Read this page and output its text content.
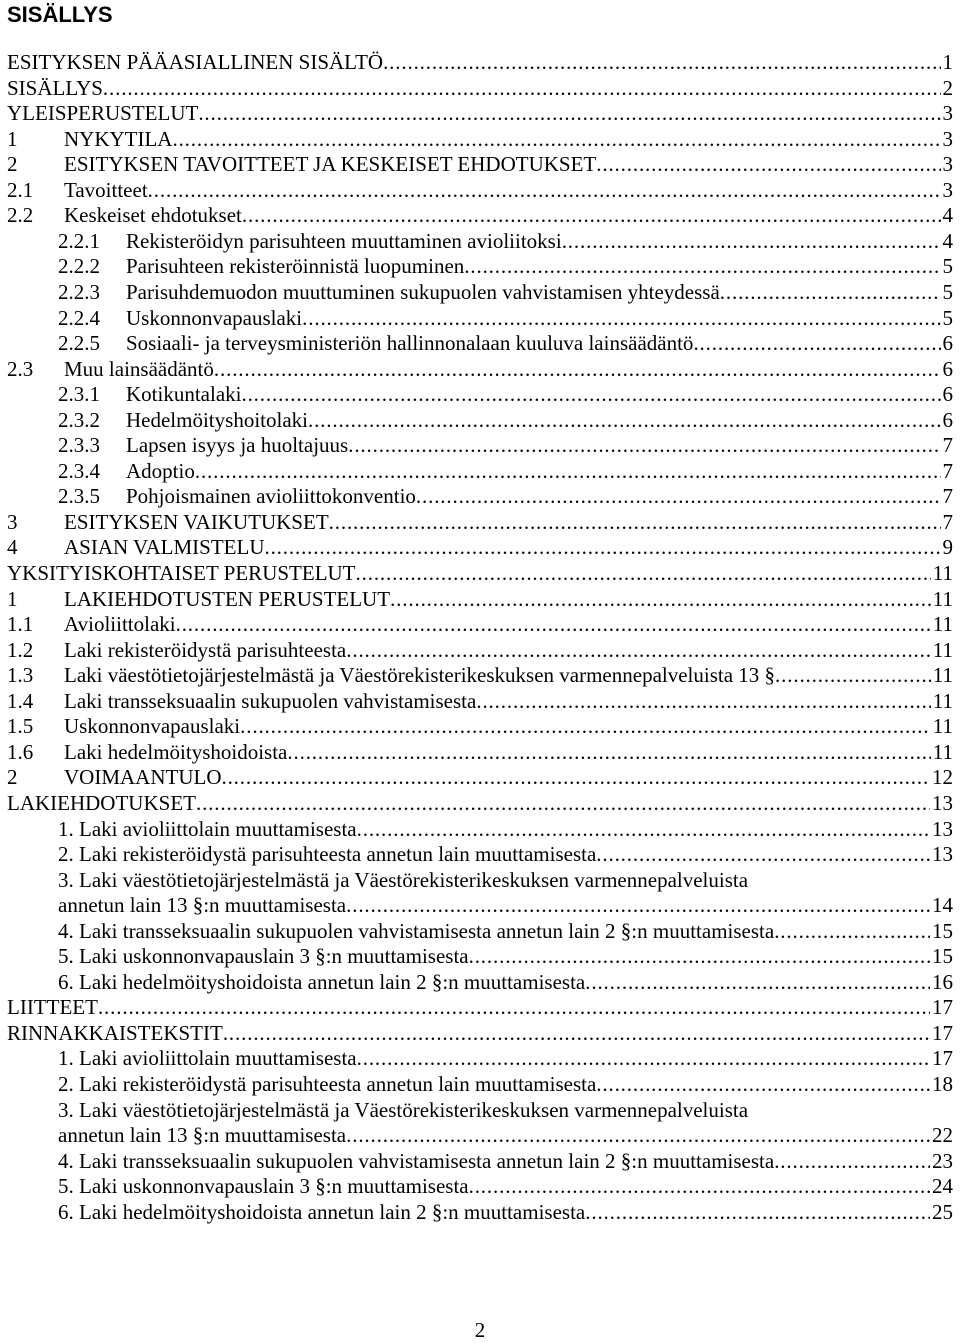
SISÄLLYS
ESITYKSEN PÄÄASIALLINEN SISÄLTÖ . . .	1
SISÄLLYS . . .	2
YLEISPERUSTELUT . . .	3
1	NYKYTILA . . .	3
2	ESITYKSEN TAVOITTEET JA KESKEISET EHDOTUKSET . . .	3
2.1	Tavoitteet . . .	3
2.2	Keskeiset ehdotukset . . .	4
2.2.1	Rekisteröidyn parisuhteen muuttaminen avioliitoksi . . .	4
2.2.2	Parisuhteen rekisteröinnistä luopuminen . . .	5
2.2.3	Parisuhdemuodon muuttuminen sukupuolen vahvistamisen yhteydessä . . .	5
2.2.4	Uskonnonvapauslaki . . .	5
2.2.5	Sosiaali- ja terveysministeriön hallinnonalaan kuuluva lainsäädäntö . . .	6
2.3	Muu lainsäädäntö . . .	6
2.3.1	Kotikuntalaki . . .	6
2.3.2	Hedelmöityshoitolaki . . .	6
2.3.3	Lapsen isyys ja huoltajuus . . .	7
2.3.4	Adoptio . . .	7
2.3.5	Pohjoismainen avioliittokonventio . . .	7
3	ESITYKSEN VAIKUTUKSET . . .	7
4	ASIAN VALMISTELU . . .	9
YKSITYISKOHTAISET PERUSTELUT . . .	11
1	LAKIEHDOTUSTEN PERUSTELUT . . .	11
1.1	Avioliittolaki . . .	11
1.2	Laki rekisteröidystä parisuhteesta . . .	11
1.3	Laki väestötietojärjestelmästä ja Väestörekisterikeskuksen varmennepalveluista 13 § . . .	11
1.4	Laki transseksuaalin sukupuolen vahvistamisesta . . .	11
1.5	Uskonnonvapauslaki . . .	11
1.6	Laki hedelmöityshoidoista . . .	11
2	VOIMAANTULO . . .	12
LAKIEHDOTUKSET . . .	13
1. Laki avioliittolain muuttamisesta . . .	13
2. Laki rekisteröidystä parisuhteesta annetun lain muuttamisesta . . .	13
3. Laki väestötietojärjestelmästä ja Väestörekisterikeskuksen varmennepalveluista
annetun lain 13 §:n muuttamisesta . . .	14
4. Laki transseksuaalin sukupuolen vahvistamisesta annetun lain 2 §:n muuttamisesta . . .	15
5. Laki uskonnonvapauslain 3 §:n muuttamisesta . . .	15
6. Laki hedelmöityshoidoista annetun lain 2 §:n muuttamisesta . . .	16
LIITTEET . . .	17
RINNAKKAISTEKSTIT . . .	17
1. Laki avioliittolain muuttamisesta . . .	17
2. Laki rekisteröidystä parisuhteesta annetun lain muuttamisesta . . .	18
3. Laki väestötietojärjestelmästä ja Väestörekisterikeskuksen varmennepalveluista
annetun lain 13 §:n muuttamisesta . . .	22
4. Laki transseksuaalin sukupuolen vahvistamisesta annetun lain 2 §:n muuttamisesta . . .	23
5. Laki uskonnonvapauslain 3 §:n muuttamisesta . . .	24
6. Laki hedelmöityshoidoista annetun lain 2 §:n muuttamisesta . . .	25
2
